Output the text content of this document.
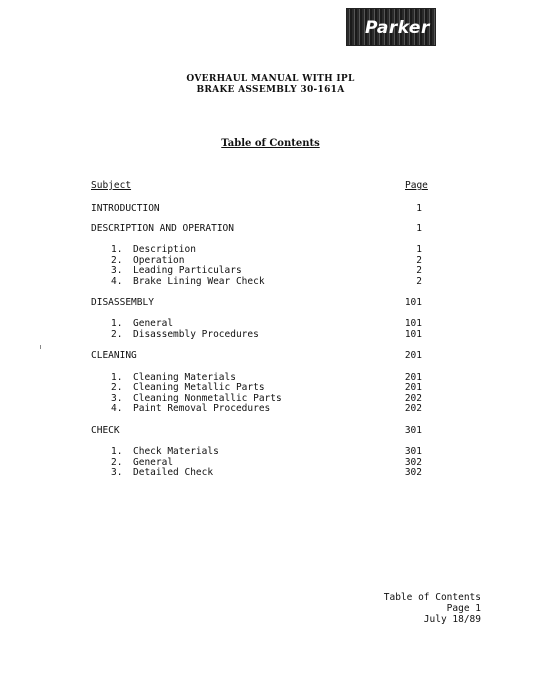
Parker
OVERHAUL MANUAL WITH IPL
BRAKE ASSEMBLY 30-161A
Table of Contents
Subject	Page
INTRODUCTION	1
DESCRIPTION AND OPERATION	1
1. Description	1
2. Operation	2
3. Leading Particulars	2
4. Brake Lining Wear Check	2
DISASSEMBLY	101
1. General	101
2. Disassembly Procedures	101
CLEANING	201
1. Cleaning Materials	201
2. Cleaning Metallic Parts	201
3. Cleaning Nonmetallic Parts	202
4. Paint Removal Procedures	202
CHECK	301
1. Check Materials	301
2. General	302
3. Detailed Check	302
Table of Contents
Page 1
July 18/89
